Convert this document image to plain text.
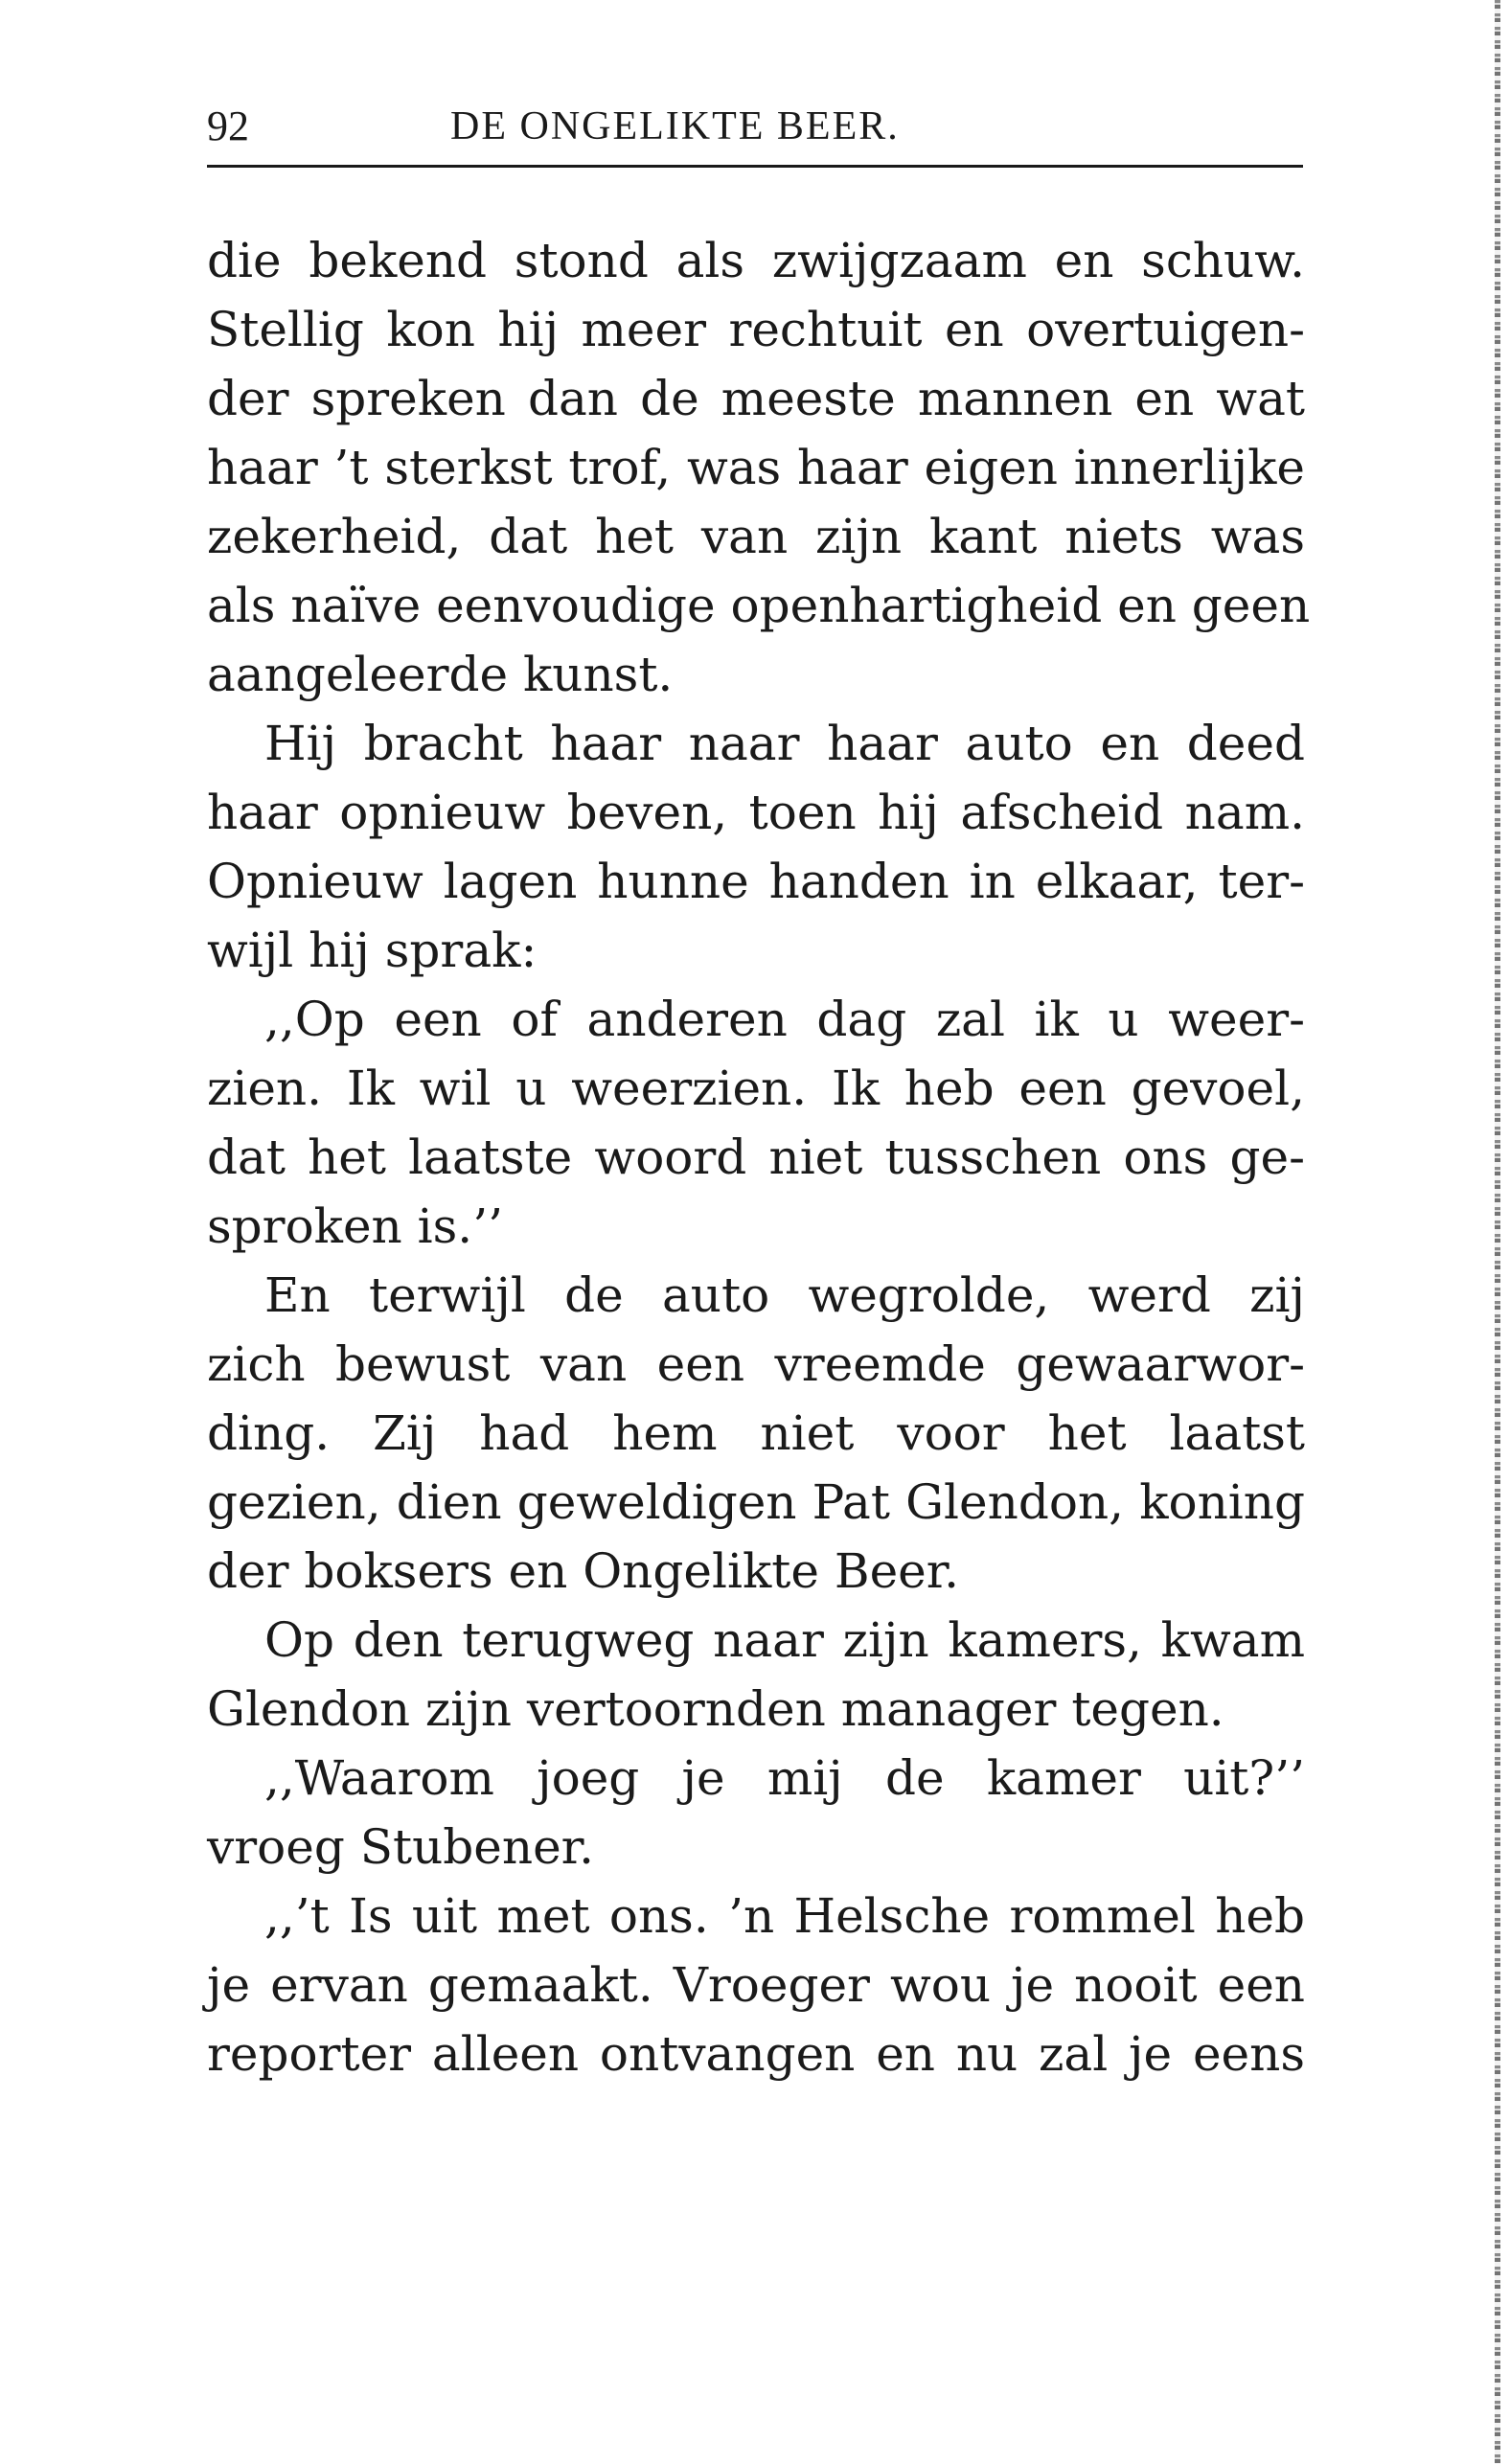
92	DE ONGELIKTE BEER.
die bekend stond als zwijgzaam en schuw.
Stellig kon hij meer rechtuit en overtuigen-
der spreken dan de meeste mannen en wat
haar ’t sterkst trof, was haar eigen innerlijke
zekerheid, dat het van zijn kant niets was
als naïve eenvoudige openhartigheid en geen
aangeleerde kunst.
Hij bracht haar naar haar auto en deed
haar opnieuw beven, toen hij afscheid nam.
Opnieuw lagen hunne handen in elkaar, ter-
wijl hij sprak:
,,Op een of anderen dag zal ik u weer-
zien. Ik wil u weerzien. Ik heb een gevoel,
dat het laatste woord niet tusschen ons ge-
sproken is.’’
En terwijl de auto wegrolde, werd zij
zich bewust van een vreemde gewaarwor-
ding. Zij had hem niet voor het laatst
gezien, dien geweldigen Pat Glendon, koning
der boksers en Ongelikte Beer.
Op den terugweg naar zijn kamers, kwam
Glendon zijn vertoornden manager tegen.
,,Waarom joeg je mij de kamer uit?’’
vroeg Stubener.
,,’t Is uit met ons. ’n Helsche rommel heb
je ervan gemaakt. Vroeger wou je nooit een
reporter alleen ontvangen en nu zal je eens
